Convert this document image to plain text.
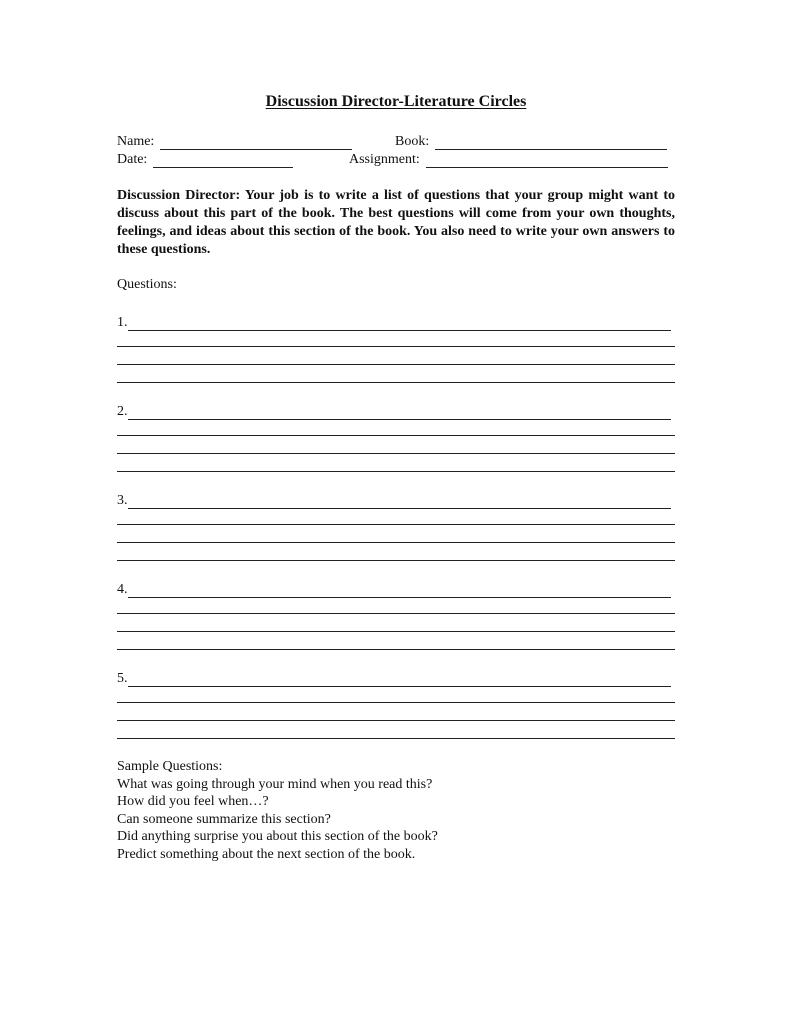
Discussion Director-Literature Circles
Name:	Book:
Date:	Assignment:
Discussion Director: Your job is to write a list of questions that your group might want to discuss about this part of the book. The best questions will come from your own thoughts, feelings, and ideas about this section of the book. You also need to write your own answers to these questions.
Questions:
1.
2.
3.
4.
5.
Sample Questions:
What was going through your mind when you read this?
How did you feel when…?
Can someone summarize this section?
Did anything surprise you about this section of the book?
Predict something about the next section of the book.
